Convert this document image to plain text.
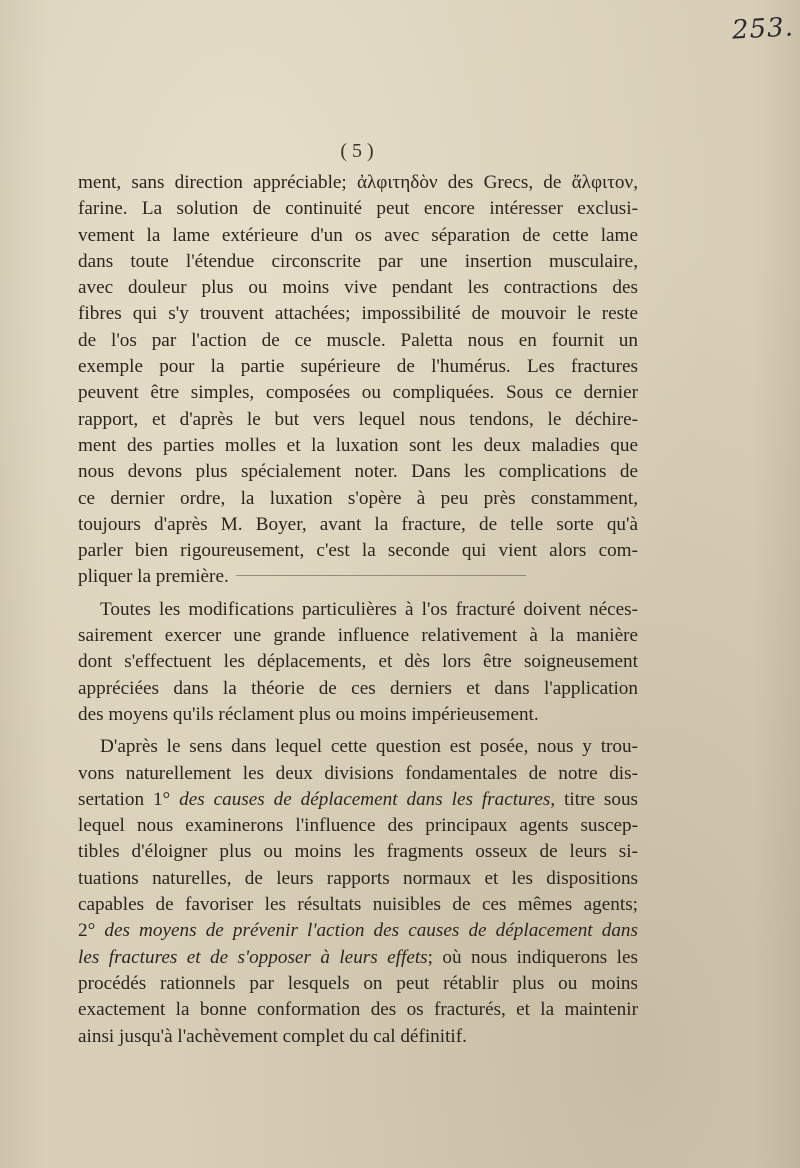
253.
( 5 )
ment, sans direction appréciable; ἀλφιτηδὸν des Grecs, de ἄλφιτον,
farine. La solution de continuité peut encore intéresser exclusi-
vement la lame extérieure d'un os avec séparation de cette lame
dans toute l'étendue circonscrite par une insertion musculaire,
avec douleur plus ou moins vive pendant les contractions des
fibres qui s'y trouvent attachées; impossibilité de mouvoir le reste
de l'os par l'action de ce muscle. Paletta nous en fournit un
exemple pour la partie supérieure de l'humérus. Les fractures
peuvent être simples, composées ou compliquées. Sous ce dernier
rapport, et d'après le but vers lequel nous tendons, le déchire-
ment des parties molles et la luxation sont les deux maladies que
nous devons plus spécialement noter. Dans les complications de
ce dernier ordre, la luxation s'opère à peu près constamment,
toujours d'après M. Boyer, avant la fracture, de telle sorte qu'à
parler bien rigoureusement, c'est la seconde qui vient alors com-
pliquer la première.
Toutes les modifications particulières à l'os fracturé doivent néces-
sairement exercer une grande influence relativement à la manière
dont s'effectuent les déplacements, et dès lors être soigneusement
appréciées dans la théorie de ces derniers et dans l'application
des moyens qu'ils réclament plus ou moins impérieusement.
D'après le sens dans lequel cette question est posée, nous y trou-
vons naturellement les deux divisions fondamentales de notre dis-
sertation 1° des causes de déplacement dans les fractures, titre sous
lequel nous examinerons l'influence des principaux agents suscep-
tibles d'éloigner plus ou moins les fragments osseux de leurs si-
tuations naturelles, de leurs rapports normaux et les dispositions
capables de favoriser les résultats nuisibles de ces mêmes agents;
2° des moyens de prévenir l'action des causes de déplacement dans
les fractures et de s'opposer à leurs effets; où nous indiquerons les
procédés rationnels par lesquels on peut rétablir plus ou moins
exactement la bonne conformation des os fracturés, et la maintenir
ainsi jusqu'à l'achèvement complet du cal définitif.
